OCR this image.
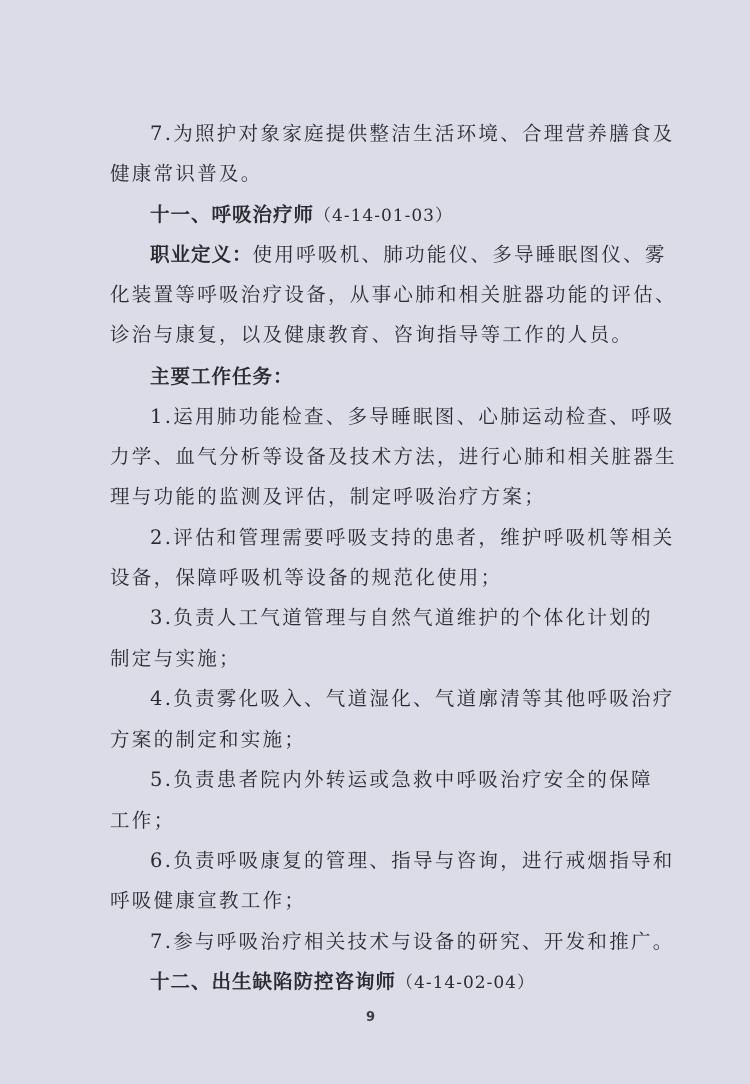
7.为照护对象家庭提供整洁生活环境、合理营养膳食及
健康常识普及。
十一、呼吸治疗师（4-14-01-03）
职业定义：使用呼吸机、肺功能仪、多导睡眠图仪、雾
化装置等呼吸治疗设备，从事心肺和相关脏器功能的评估、
诊治与康复，以及健康教育、咨询指导等工作的人员。
主要工作任务：
1.运用肺功能检查、多导睡眠图、心肺运动检查、呼吸
力学、血气分析等设备及技术方法，进行心肺和相关脏器生
理与功能的监测及评估，制定呼吸治疗方案；
2.评估和管理需要呼吸支持的患者，维护呼吸机等相关
设备，保障呼吸机等设备的规范化使用；
3.负责人工气道管理与自然气道维护的个体化计划的
制定与实施；
4.负责雾化吸入、气道湿化、气道廓清等其他呼吸治疗
方案的制定和实施；
5.负责患者院内外转运或急救中呼吸治疗安全的保障
工作；
6.负责呼吸康复的管理、指导与咨询，进行戒烟指导和
呼吸健康宣教工作；
7.参与呼吸治疗相关技术与设备的研究、开发和推广。
十二、出生缺陷防控咨询师（4-14-02-04）
9
